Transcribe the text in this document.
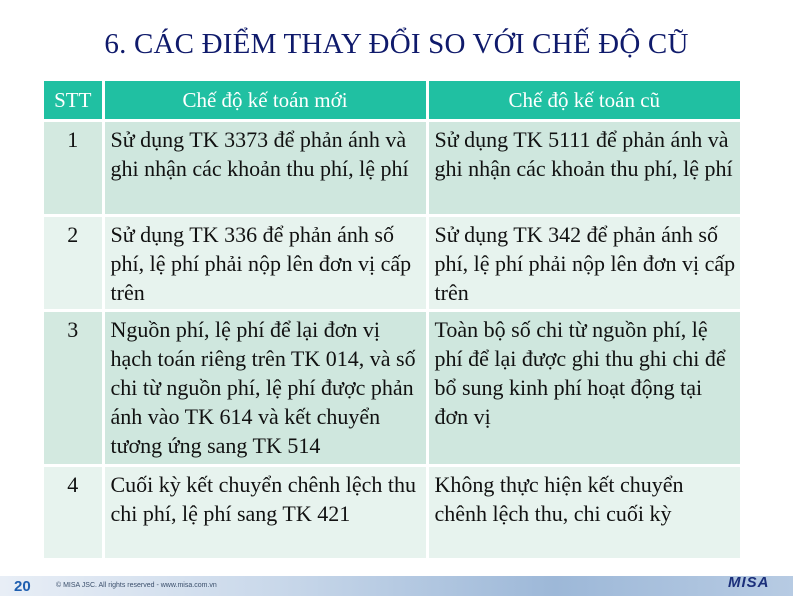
6. CÁC ĐIỂM THAY ĐỔI SO VỚI CHẾ ĐỘ CŨ
STT	Chế độ kế toán mới	Chế độ kế toán cũ
1	Sử dụng TK 3373 để phản ánh và ghi nhận các khoản thu phí, lệ phí	Sử dụng TK 5111 để phản ánh và ghi nhận các khoản thu phí, lệ phí
2	Sử dụng TK 336 để phản ánh số phí, lệ phí phải nộp lên đơn vị cấp trên	Sử dụng TK 342 để phản ánh số phí, lệ phí phải nộp lên đơn vị cấp trên
3	Nguồn phí, lệ phí để lại đơn vị hạch toán riêng trên TK 014, và số chi từ nguồn phí, lệ phí được phản ánh vào TK 614 và kết chuyển tương ứng sang TK 514	Toàn bộ số chi từ nguồn phí, lệ phí để lại được ghi thu ghi chi để bổ sung kinh phí hoạt động tại đơn vị
4	Cuối kỳ kết chuyển chênh lệch thu chi phí, lệ phí sang TK 421	Không thực hiện kết chuyển chênh lệch thu, chi cuối kỳ
20	© MISA JSC. All rights reserved - www.misa.com.vn	MISA
